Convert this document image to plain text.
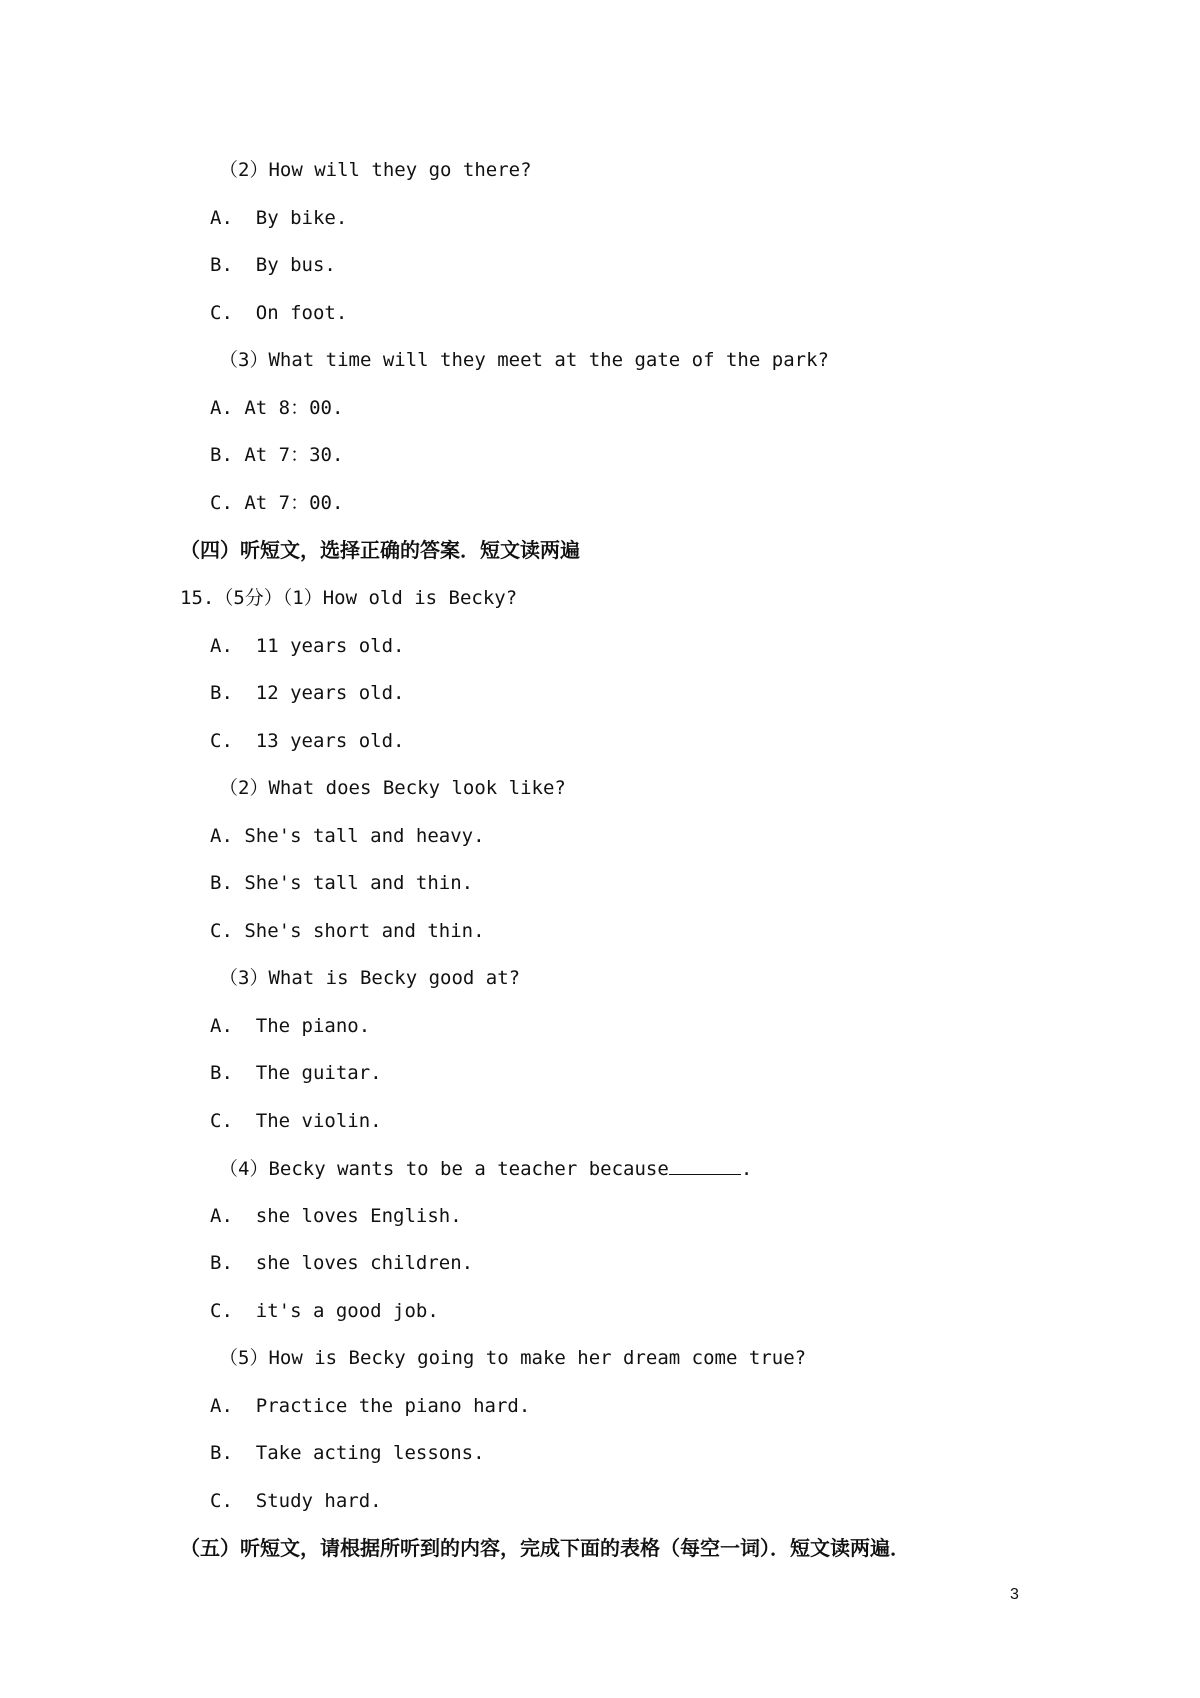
（2）How will they go there?
A.  By bike.
B.  By bus.
C.  On foot.
（3）What time will they meet at the gate of the park?
A. At 8：00.
B. At 7：30.
C. At 7：00.
（四）听短文，选择正确的答案．短文读两遍
15.（5分）（1）How old is Becky?
A.  11 years old.
B.  12 years old.
C.  13 years old.
（2）What does Becky look like?
A. She's tall and heavy.
B. She's tall and thin.
C. She's short and thin.
（3）What is Becky good at?
A.  The piano.
B.  The guitar.
C.  The violin.
（4）Becky wants to be a teacher because	.
A.  she loves English.
B.  she loves children.
C.  it's a good job.
（5）How is Becky going to make her dream come true?
A.  Practice the piano hard.
B.  Take acting lessons.
C.  Study hard.
（五）听短文，请根据所听到的内容，完成下面的表格（每空一词）．短文读两遍．
3
